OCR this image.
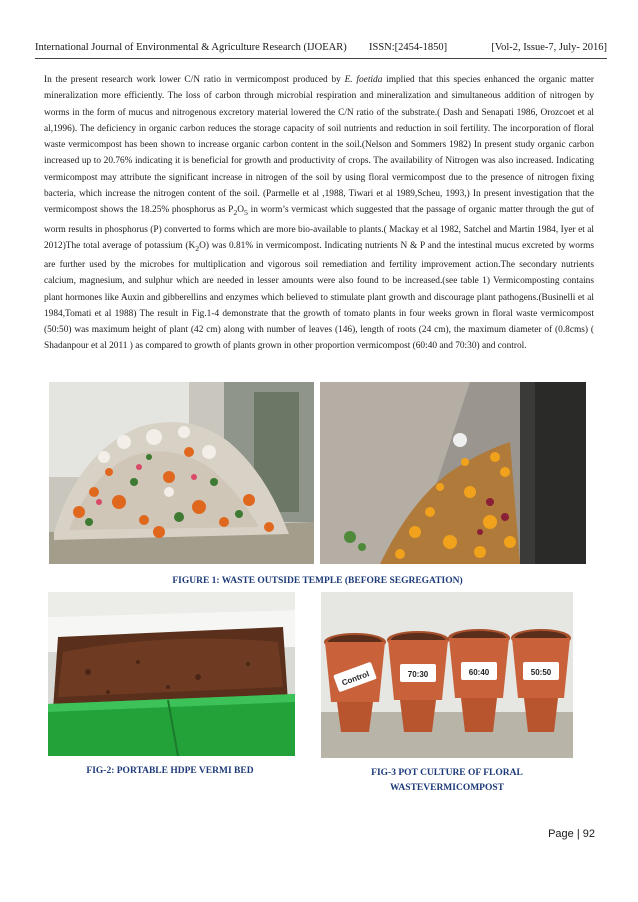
International Journal of Environmental & Agriculture Research (IJOEAR) ISSN:[2454-1850]	[Vol-2, Issue-7, July- 2016]

In the present research work lower C/N ratio in vermicompost produced by E. foetida implied that this species enhanced the organic matter mineralization more efficiently. The loss of carbon through microbial respiration and mineralization and simultaneous addition of nitrogen by worms in the form of mucus and nitrogenous excretory material lowered the C/N ratio of the substrate.( Dash and Senapati 1986, Orozcoet et al al,1996). The deficiency in organic carbon reduces the storage capacity of soil nutrients and reduction in soil fertility. The incorporation of floral waste vermicompost has been shown to increase organic carbon content in the soil.(Nelson and Sommers 1982) In present study organic carbon increased up to 20.76% indicating it is beneficial for growth and productivity of crops. The availability of Nitrogen was also increased. Indicating vermicompost may attribute the significant increase in nitrogen of the soil by using floral vermicompost due to the presence of nitrogen fixing bacteria, which increase the nitrogen content of the soil. (Parmelle et al ,1988, Tiwari et al 1989,Scheu, 1993,) In present investigation that the vermicompost shows the 18.25% phosphorus as $P_2O_5$ in worm’s vermicast which suggested that the passage of organic matter through the gut of worm results in phosphorus (P) converted to forms which are more bio-available to plants.( Mackay et al 1982, Satchel and Martin 1984, Iyer et al 2012)The total average of potassium $(K_2O)$ was 0.81% in vermicompost. Indicating nutrients N & P and the intestinal mucus excreted by worms are further used by the microbes for multiplication and vigorous soil remediation and fertility improvement action.The secondary nutrients calcium, magnesium, and sulphur which are needed in lesser amounts were also found to be increased.(see table 1) Vermicomposting contains plant hormones like Auxin and gibberellins and enzymes which believed to stimulate plant growth and discourage plant pathogens.(Businelli et al 1984,Tomati et al 1988) The result in Fig.1-4 demonstrate that the growth of tomato plants in four weeks grown in floral waste vermicompost (50:50) was maximum height of plant (42 cm) along with number of leaves (146), length of roots (24 cm), the maximum diameter of (0.8cms) ( Shadanpour et al 2011 ) as compared to growth of plants grown in other proportion vermicompost (60:40 and 70:30) and control.

FIGURE 1: WASTE OUTSIDE TEMPLE (BEFORE SEGREGATION)
FIG-2: PORTABLE HDPE VERMI BED
Control	70:30	60:40	50:50
FIG-3 POT CULTURE OF FLORAL
WASTEVERMICOMPOST
Page | 92
